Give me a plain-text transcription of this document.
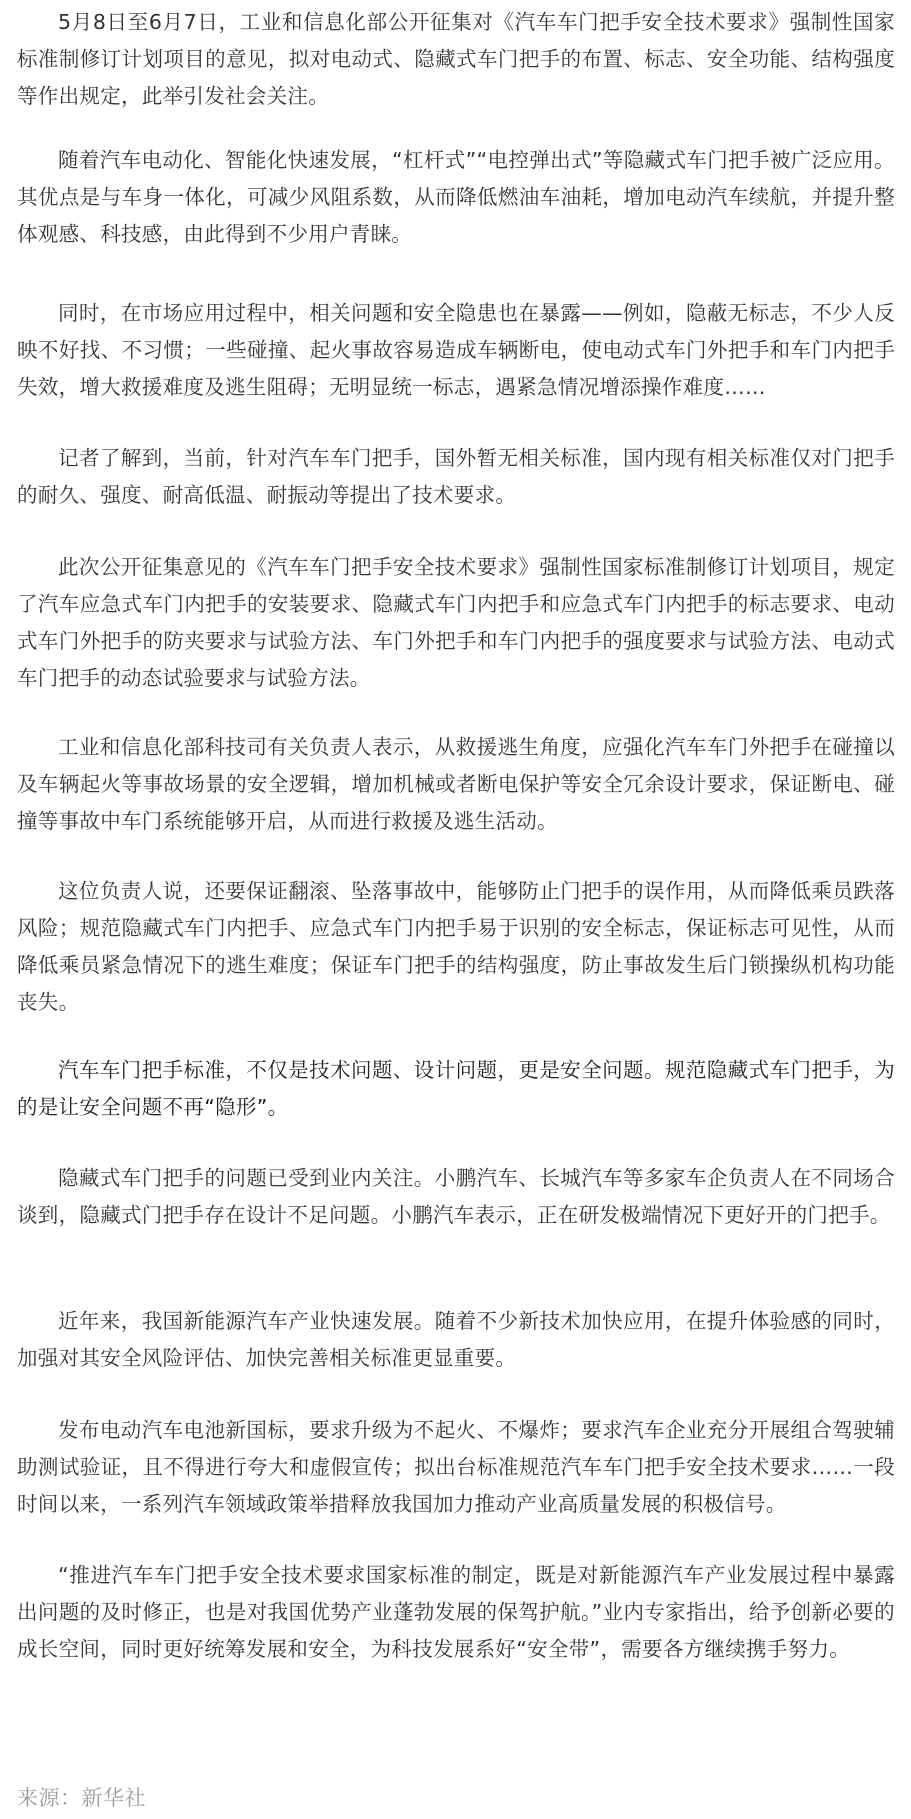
5月8日至6月7日，工业和信息化部公开征集对《汽车车门把手安全技术要求》强制性国家标准制修订计划项目的意见，拟对电动式、隐藏式车门把手的布置、标志、安全功能、结构强度等作出规定，此举引发社会关注。

随着汽车电动化、智能化快速发展，“杠杆式”“电控弹出式”等隐藏式车门把手被广泛应用。其优点是与车身一体化，可减少风阻系数，从而降低燃油车油耗，增加电动汽车续航，并提升整体观感、科技感，由此得到不少用户青睐。

同时，在市场应用过程中，相关问题和安全隐患也在暴露——例如，隐蔽无标志，不少人反映不好找、不习惯；一些碰撞、起火事故容易造成车辆断电，使电动式车门外把手和车门内把手失效，增大救援难度及逃生阻碍；无明显统一标志，遇紧急情况增添操作难度……

记者了解到，当前，针对汽车车门把手，国外暂无相关标准，国内现有相关标准仅对门把手的耐久、强度、耐高低温、耐振动等提出了技术要求。

此次公开征集意见的《汽车车门把手安全技术要求》强制性国家标准制修订计划项目，规定了汽车应急式车门内把手的安装要求、隐藏式车门内把手和应急式车门内把手的标志要求、电动式车门外把手的防夹要求与试验方法、车门外把手和车门内把手的强度要求与试验方法、电动式车门把手的动态试验要求与试验方法。

工业和信息化部科技司有关负责人表示，从救援逃生角度，应强化汽车车门外把手在碰撞以及车辆起火等事故场景的安全逻辑，增加机械或者断电保护等安全冗余设计要求，保证断电、碰撞等事故中车门系统能够开启，从而进行救援及逃生活动。

这位负责人说，还要保证翻滚、坠落事故中，能够防止门把手的误作用，从而降低乘员跌落风险；规范隐藏式车门内把手、应急式车门内把手易于识别的安全标志，保证标志可见性，从而降低乘员紧急情况下的逃生难度；保证车门把手的结构强度，防止事故发生后门锁操纵机构功能丧失。

汽车车门把手标准，不仅是技术问题、设计问题，更是安全问题。规范隐藏式车门把手，为的是让安全问题不再“隐形”。

隐藏式车门把手的问题已受到业内关注。小鹏汽车、长城汽车等多家车企负责人在不同场合谈到，隐藏式门把手存在设计不足问题。小鹏汽车表示，正在研发极端情况下更好开的门把手。

近年来，我国新能源汽车产业快速发展。随着不少新技术加快应用，在提升体验感的同时，加强对其安全风险评估、加快完善相关标准更显重要。

发布电动汽车电池新国标，要求升级为不起火、不爆炸；要求汽车企业充分开展组合驾驶辅助测试验证，且不得进行夸大和虚假宣传；拟出台标准规范汽车车门把手安全技术要求……一段时间以来，一系列汽车领域政策举措释放我国加力推动产业高质量发展的积极信号。

“推进汽车车门把手安全技术要求国家标准的制定，既是对新能源汽车产业发展过程中暴露出问题的及时修正，也是对我国优势产业蓬勃发展的保驾护航。”业内专家指出，给予创新必要的成长空间，同时更好统筹发展和安全，为科技发展系好“安全带”，需要各方继续携手努力。

来源：新华社
